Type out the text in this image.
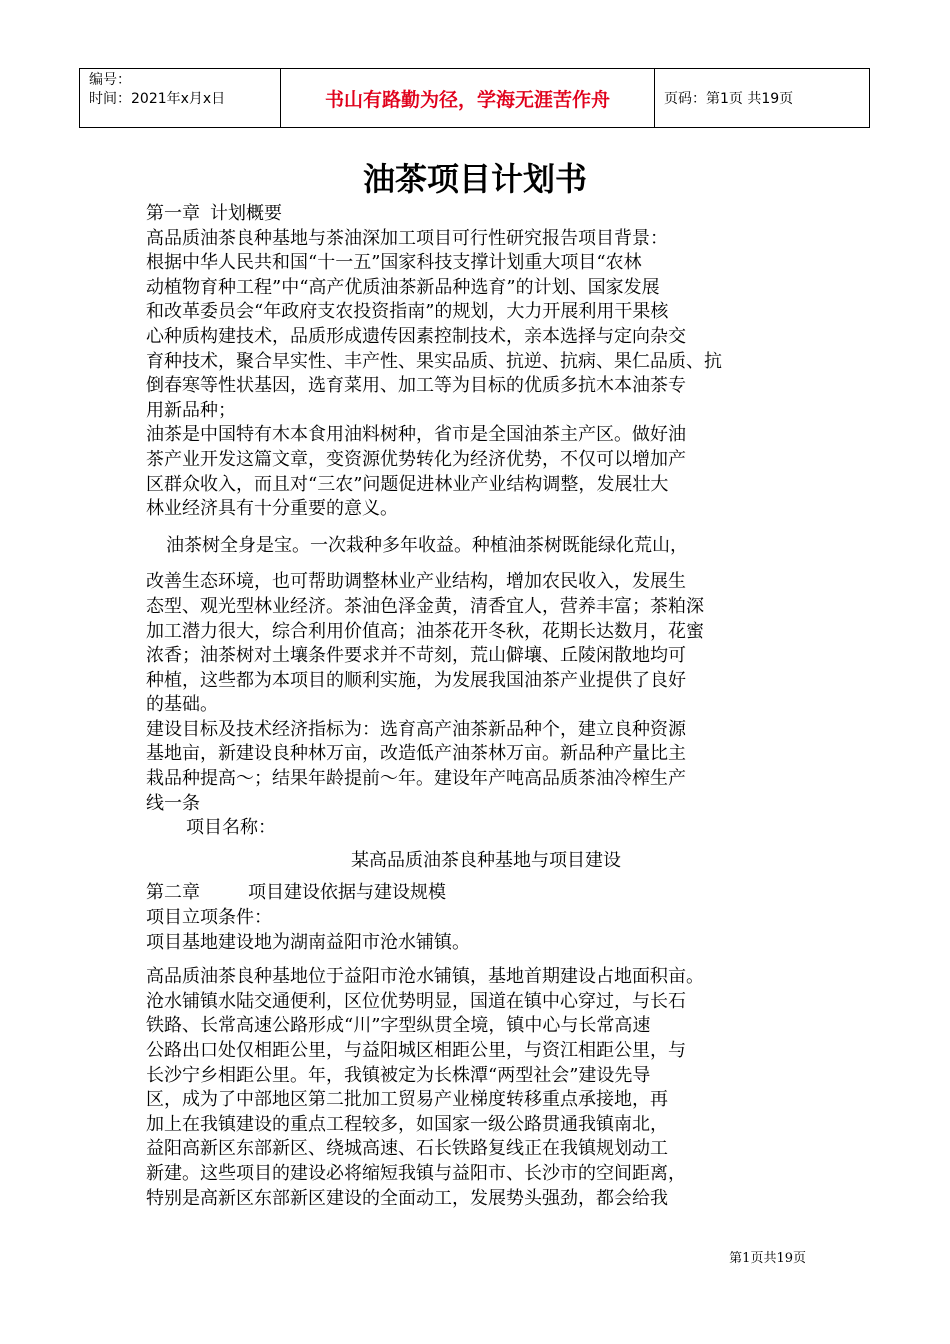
编号：
时间：2021年x月x日	书山有路勤为径，学海无涯苦作舟	页码：第1页 共19页
油茶项目计划书

第一章 计划概要

高品质油茶良种基地与茶油深加工项目可行性研究报告项目背景：

根据中华人民共和国“十一五”国家科技支撑计划重大项目“农林

动植物育种工程”中“高产优质油茶新品种选育”的计划、国家发展

和改革委员会“年政府支农投资指南”的规划，大力开展利用干果核

心种质构建技术，品质形成遗传因素控制技术，亲本选择与定向杂交

育种技术，聚合早实性、丰产性、果实品质、抗逆、抗病、果仁品质、抗

倒春寒等性状基因，选育菜用、加工等为目标的优质多抗木本油茶专

用新品种；

油茶是中国特有木本食用油料树种，省市是全国油茶主产区。做好油

茶产业开发这篇文章，变资源优势转化为经济优势，不仅可以增加产

区群众收入，而且对“三农”问题促进林业产业结构调整，发展壮大

林业经济具有十分重要的意义。

油茶树全身是宝。一次栽种多年收益。种植油茶树既能绿化荒山，

改善生态环境，也可帮助调整林业产业结构，增加农民收入，发展生

态型、观光型林业经济。茶油色泽金黄，清香宜人，营养丰富；茶粕深

加工潜力很大，综合利用价值高；油茶花开冬秋，花期长达数月，花蜜

浓香；油茶树对土壤条件要求并不苛刻，荒山僻壤、丘陵闲散地均可

种植，这些都为本项目的顺利实施，为发展我国油茶产业提供了良好

的基础。

建设目标及技术经济指标为：选育高产油茶新品种个，建立良种资源

基地亩，新建设良种林万亩，改造低产油茶林万亩。新品种产量比主

栽品种提高～；结果年龄提前～年。建设年产吨高品质茶油冷榨生产

线一条

项目名称：

某高品质油茶良种基地与项目建设

第二章	项目建设依据与建设规模

项目立项条件：

项目基地建设地为湖南益阳市沧水铺镇。

高品质油茶良种基地位于益阳市沧水铺镇，基地首期建设占地面积亩。

沧水铺镇水陆交通便利，区位优势明显，国道在镇中心穿过，与长石

铁路、长常高速公路形成“川”字型纵贯全境，镇中心与长常高速

公路出口处仅相距公里，与益阳城区相距公里，与资江相距公里，与

长沙宁乡相距公里。年，我镇被定为长株潭“两型社会”建设先导

区，成为了中部地区第二批加工贸易产业梯度转移重点承接地，再

加上在我镇建设的重点工程较多，如国家一级公路贯通我镇南北，

益阳高新区东部新区、绕城高速、石长铁路复线正在我镇规划动工

新建。这些项目的建设必将缩短我镇与益阳市、长沙市的空间距离，

特别是高新区东部新区建设的全面动工，发展势头强劲，都会给我

第1页共19页
